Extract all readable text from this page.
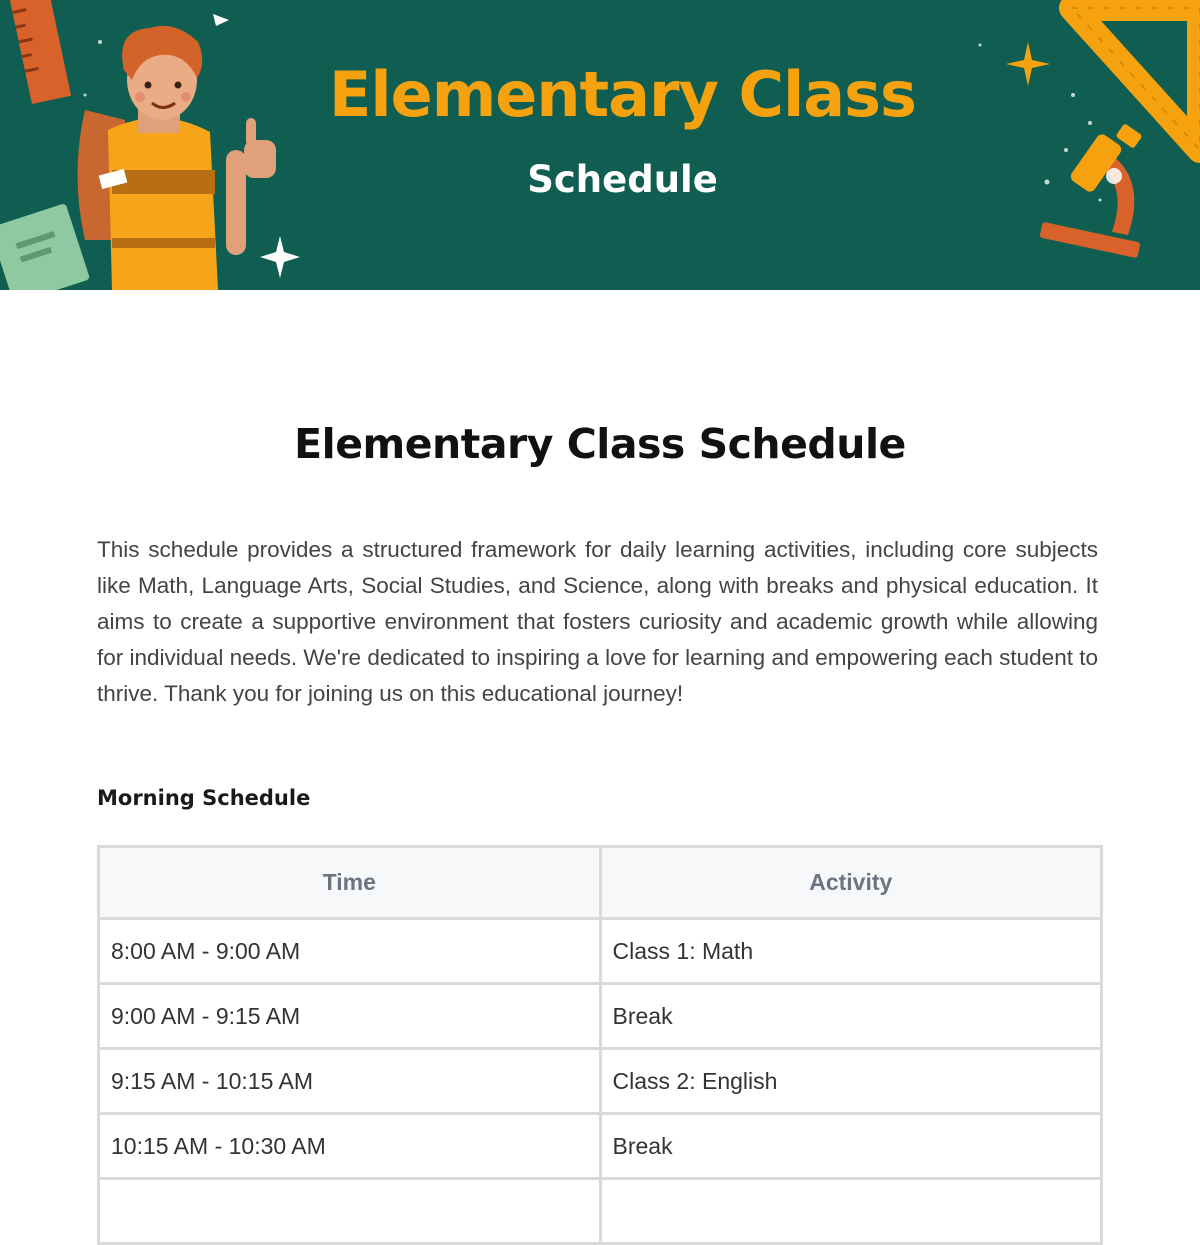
Elementary Class
Schedule
Elementary Class Schedule

This schedule provides a structured framework for daily learning activities, including core subjects like Math, Language Arts, Social Studies, and Science, along with breaks and physical education. It aims to create a supportive environment that fosters curiosity and academic growth while allowing for individual needs. We're dedicated to inspiring a love for learning and empowering each student to thrive. Thank you for joining us on this educational journey!

Morning Schedule
Time	Activity
8:00 AM - 9:00 AM	Class 1: Math
9:00 AM - 9:15 AM	Break
9:15 AM - 10:15 AM	Class 2: English
10:15 AM - 10:30 AM	Break
